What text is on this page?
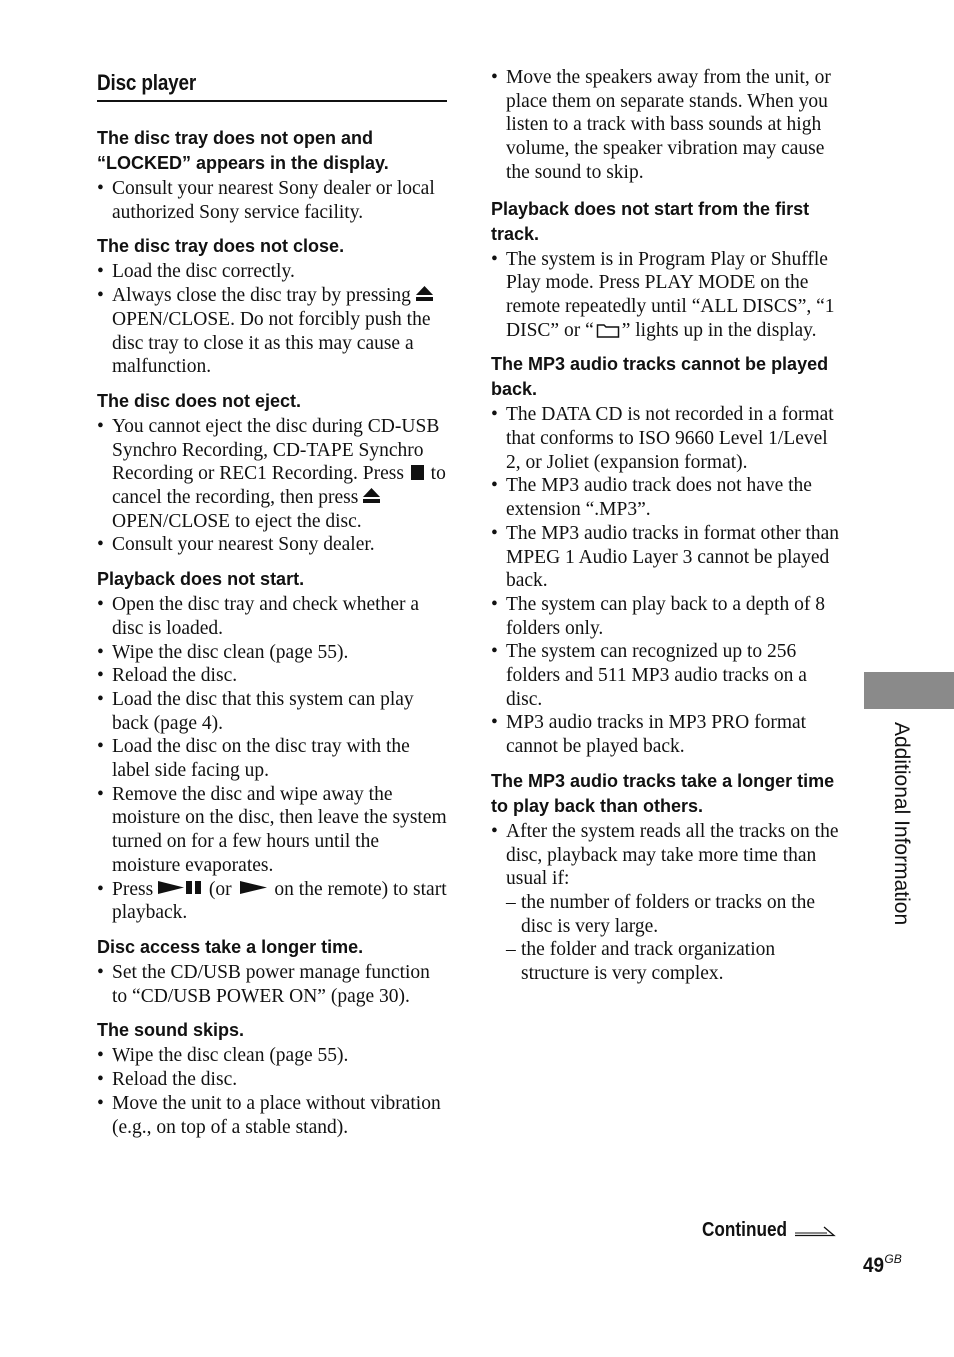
Disc player

The disc tray does not open and “LOCKED” appears in the display.

• Consult your nearest Sony dealer or local authorized Sony service facility.

The disc tray does not close.

• Load the disc correctly.
• Always close the disc tray by pressing  OPEN/CLOSE. Do not forcibly push the disc tray to close it as this may cause a malfunction.

The disc does not eject.

• You cannot eject the disc during CD-USB Synchro Recording, CD-TAPE Synchro Recording or REC1 Recording. Press  to cancel the recording, then press  OPEN/CLOSE to eject the disc.
• Consult your nearest Sony dealer.

Playback does not start.

• Open the disc tray and check whether a disc is loaded.
• Wipe the disc clean (page 55).
• Reload the disc.
• Load the disc that this system can play back (page 4).
• Load the disc on the disc tray with the label side facing up.
• Remove the disc and wipe away the moisture on the disc, then leave the system turned on for a few hours until the moisture evaporates.
• Press  (or  on the remote) to start playback.

Disc access take a longer time.

• Set the CD/USB power manage function to “CD/USB POWER ON” (page 30).

The sound skips.

• Wipe the disc clean (page 55).
• Reload the disc.
• Move the unit to a place without vibration (e.g., on top of a stable stand).
• Move the speakers away from the unit, or place them on separate stands. When you listen to a track with bass sounds at high volume, the speaker vibration may cause the sound to skip.

Playback does not start from the first track.

• The system is in Program Play or Shuffle Play mode. Press PLAY MODE on the remote repeatedly until “ALL DISCS”, “1 DISC” or “ ” lights up in the display.

The MP3 audio tracks cannot be played back.

• The DATA CD is not recorded in a format that conforms to ISO 9660 Level 1/Level 2, or Joliet (expansion format).
• The MP3 audio track does not have the extension “.MP3”.
• The MP3 audio tracks in format other than MPEG 1 Audio Layer 3 cannot be played back.
• The system can play back to a depth of 8 folders only.
• The system can recognized up to 256 folders and 511 MP3 audio tracks on a disc.
• MP3 audio tracks in MP3 PRO format cannot be played back.

The MP3 audio tracks take a longer time to play back than others.

• After the system reads all the tracks on the disc, playback may take more time than usual if:
– the number of folders or tracks on the disc is very large.
– the folder and track organization structure is very complex.
Additional Information
Continued
$49^{GB}$
